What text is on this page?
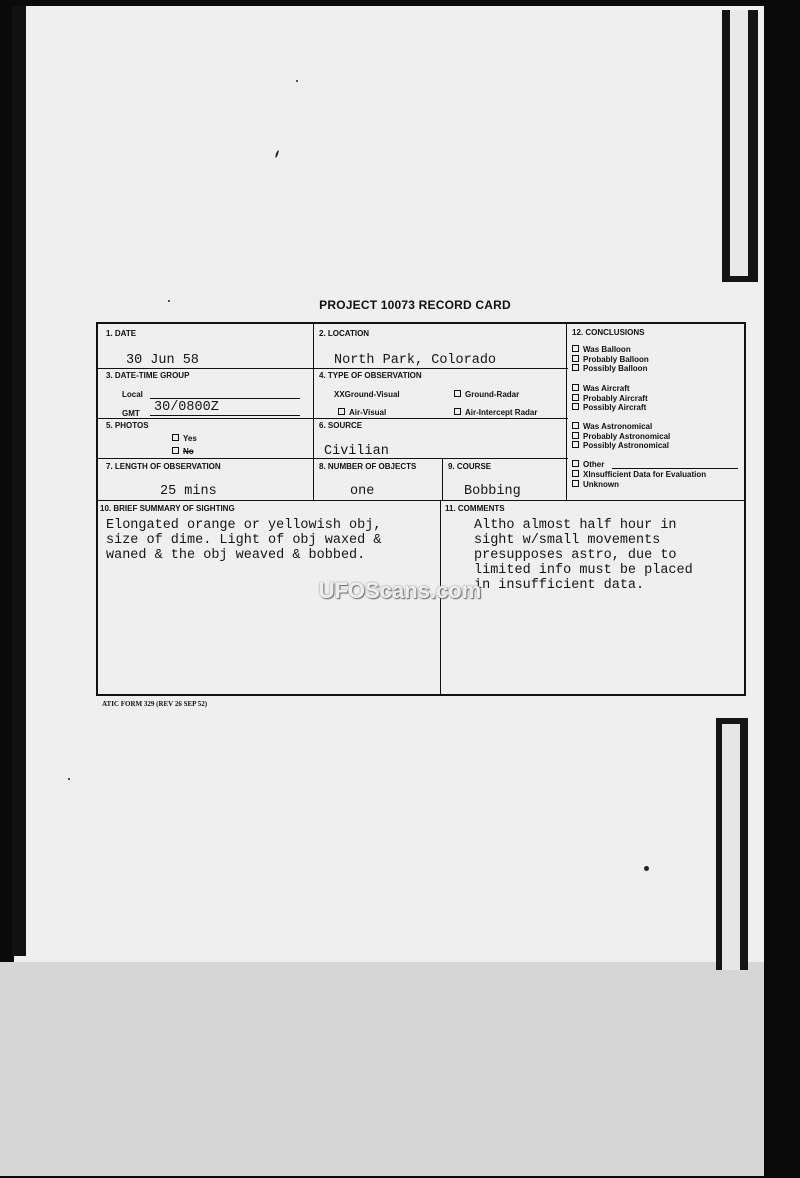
PROJECT 10073 RECORD CARD
1. DATE
30 Jun 58
2. LOCATION
North Park, Colorado
3. DATE-TIME GROUP
Local
GMT 30/0800Z
4. TYPE OF OBSERVATION
XXGround-Visual	Ground-Radar
Air-Visual	Air-Intercept Radar
5. PHOTOS
Yes
No
6. SOURCE
Civilian
7. LENGTH OF OBSERVATION
25 mins
8. NUMBER OF OBJECTS
one
9. COURSE
Bobbing
12. CONCLUSIONS
Was Balloon
Probably Balloon
Possibly Balloon
Was Aircraft
Probably Aircraft
Possibly Aircraft
Was Astronomical
Probably Astronomical
Possibly Astronomical
Other
XInsufficient Data for Evaluation
Unknown
10. BRIEF SUMMARY OF SIGHTING
Elongated orange or yellowish obj,
size of dime. Light of obj waxed &
waned & the obj weaved & bobbed.
11. COMMENTS
Altho almost half hour in
sight w/small movements
presupposes astro, due to
limited info must be placed
in insufficient data.
UFOScans.com
ATIC FORM 329 (REV 26 SEP 52)
